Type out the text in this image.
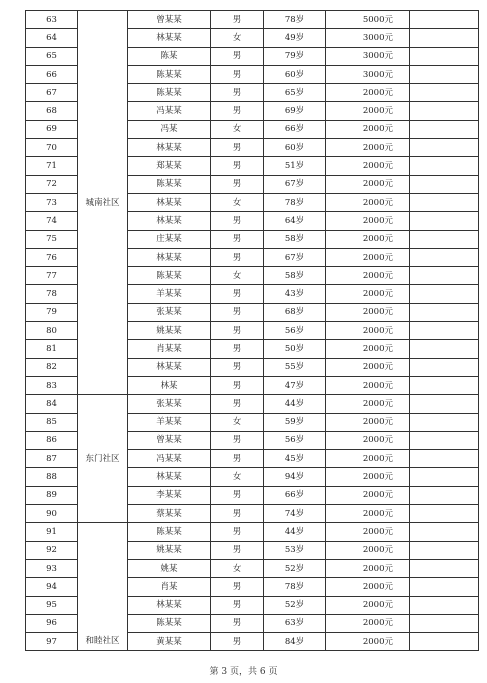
63		曾某某	男	78岁	5000元	
64		林某某	女	49岁	3000元	
65		陈某	男	79岁	3000元	
66		陈某某	男	60岁	3000元	
67		陈某某	男	65岁	2000元	
68		冯某某	男	69岁	2000元	
69		冯某	女	66岁	2000元	
70		林某某	男	60岁	2000元	
71		郑某某	男	51岁	2000元	
72		陈某某	男	67岁	2000元	
73	城南社区	林某某	女	78岁	2000元	
74		林某某	男	64岁	2000元	
75		庄某某	男	58岁	2000元	
76		林某某	男	67岁	2000元	
77		陈某某	女	58岁	2000元	
78		羊某某	男	43岁	2000元	
79		张某某	男	68岁	2000元	
80		姚某某	男	56岁	2000元	
81		肖某某	男	50岁	2000元	
82		林某某	男	55岁	2000元	
83		林某	男	47岁	2000元	
84		张某某	男	44岁	2000元	
85		羊某某	女	59岁	2000元	
86		曾某某	男	56岁	2000元	
87	东门社区	冯某某	男	45岁	2000元	
88		林某某	女	94岁	2000元	
89		李某某	男	66岁	2000元	
90		蔡某某	男	74岁	2000元	
91		陈某某	男	44岁	2000元	
92		姚某某	男	53岁	2000元	
93		姚某	女	52岁	2000元	
94		肖某	男	78岁	2000元	
95		林某某	男	52岁	2000元	
96		陈某某	男	63岁	2000元	
97	和睦社区	黄某某	男	84岁	2000元	
第 3 页，共 6 页
